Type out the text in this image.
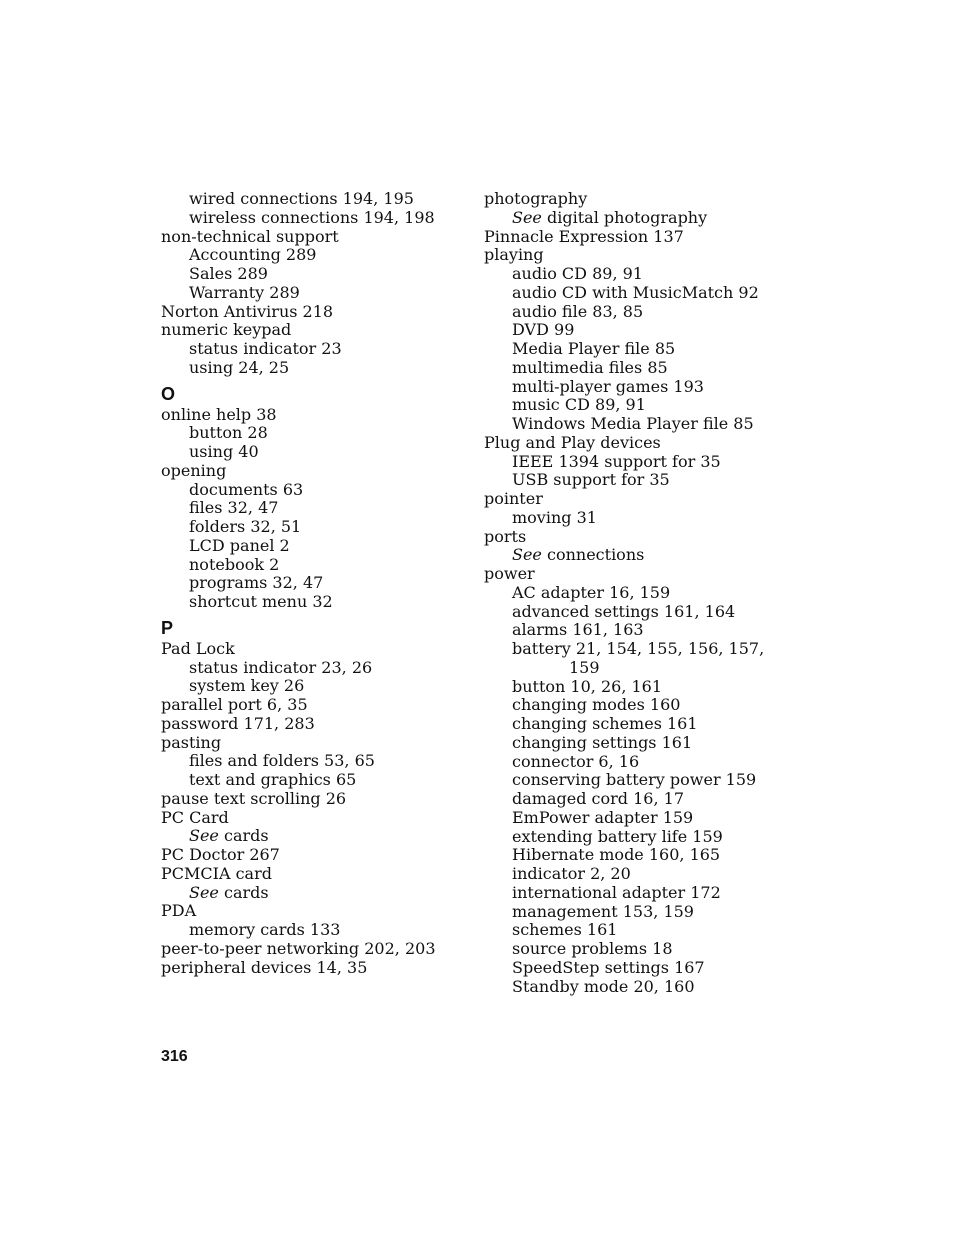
wired connections 194, 195
wireless connections 194, 198
non-technical support
Accounting 289
Sales 289
Warranty 289
Norton Antivirus 218
numeric keypad
status indicator 23
using 24, 25
O
online help 38
button 28
using 40
opening
documents 63
files 32, 47
folders 32, 51
LCD panel 2
notebook 2
programs 32, 47
shortcut menu 32
P
Pad Lock
status indicator 23, 26
system key 26
parallel port 6, 35
password 171, 283
pasting
files and folders 53, 65
text and graphics 65
pause text scrolling 26
PC Card
See cards
PC Doctor 267
PCMCIA card
See cards
PDA
memory cards 133
peer-to-peer networking 202, 203
peripheral devices 14, 35
photography
See digital photography
Pinnacle Expression 137
playing
audio CD 89, 91
audio CD with MusicMatch 92
audio file 83, 85
DVD 99
Media Player file 85
multimedia files 85
multi-player games 193
music CD 89, 91
Windows Media Player file 85
Plug and Play devices
IEEE 1394 support for 35
USB support for 35
pointer
moving 31
ports
See connections
power
AC adapter 16, 159
advanced settings 161, 164
alarms 161, 163
battery 21, 154, 155, 156, 157,
159
button 10, 26, 161
changing modes 160
changing schemes 161
changing settings 161
connector 6, 16
conserving battery power 159
damaged cord 16, 17
EmPower adapter 159
extending battery life 159
Hibernate mode 160, 165
indicator 2, 20
international adapter 172
management 153, 159
schemes 161
source problems 18
SpeedStep settings 167
Standby mode 20, 160
316
